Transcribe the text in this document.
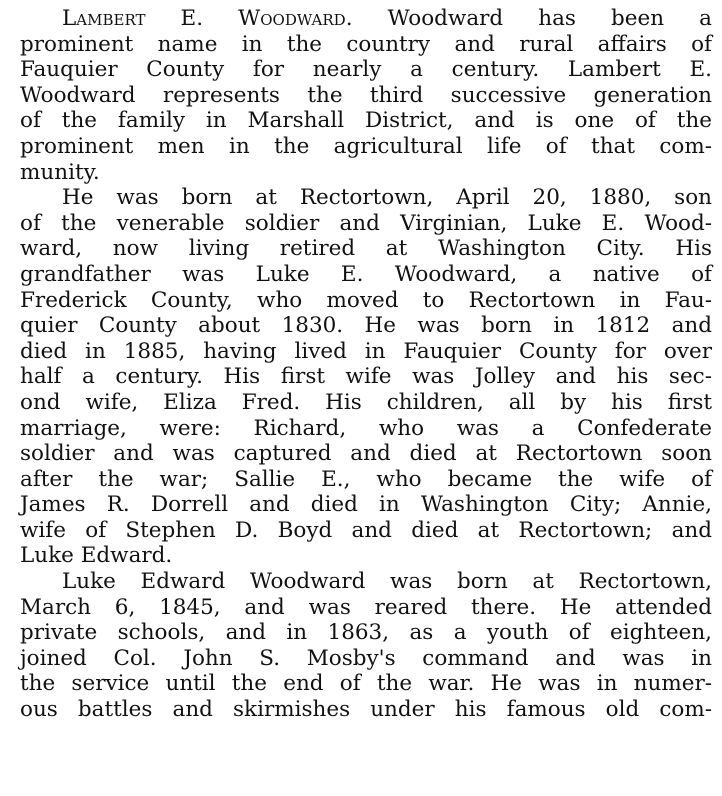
Lambert E. Woodward. Woodward has been a
prominent name in the country and rural affairs of
Fauquier County for nearly a century. Lambert E.
Woodward represents the third successive generation
of the family in Marshall District, and is one of the
prominent men in the agricultural life of that com-
munity.

He was born at Rectortown, April 20, 1880, son
of the venerable soldier and Virginian, Luke E. Wood-
ward, now living retired at Washington City. His
grandfather was Luke E. Woodward, a native of
Frederick County, who moved to Rectortown in Fau-
quier County about 1830. He was born in 1812 and
died in 1885, having lived in Fauquier County for over
half a century. His first wife was Jolley and his sec-
ond wife, Eliza Fred. His children, all by his first
marriage, were: Richard, who was a Confederate
soldier and was captured and died at Rectortown soon
after the war; Sallie E., who became the wife of
James R. Dorrell and died in Washington City; Annie,
wife of Stephen D. Boyd and died at Rectortown; and
Luke Edward.

Luke Edward Woodward was born at Rectortown,
March 6, 1845, and was reared there. He attended
private schools, and in 1863, as a youth of eighteen,
joined Col. John S. Mosby's command and was in
the service until the end of the war. He was in numer-
ous battles and skirmishes under his famous old com-
